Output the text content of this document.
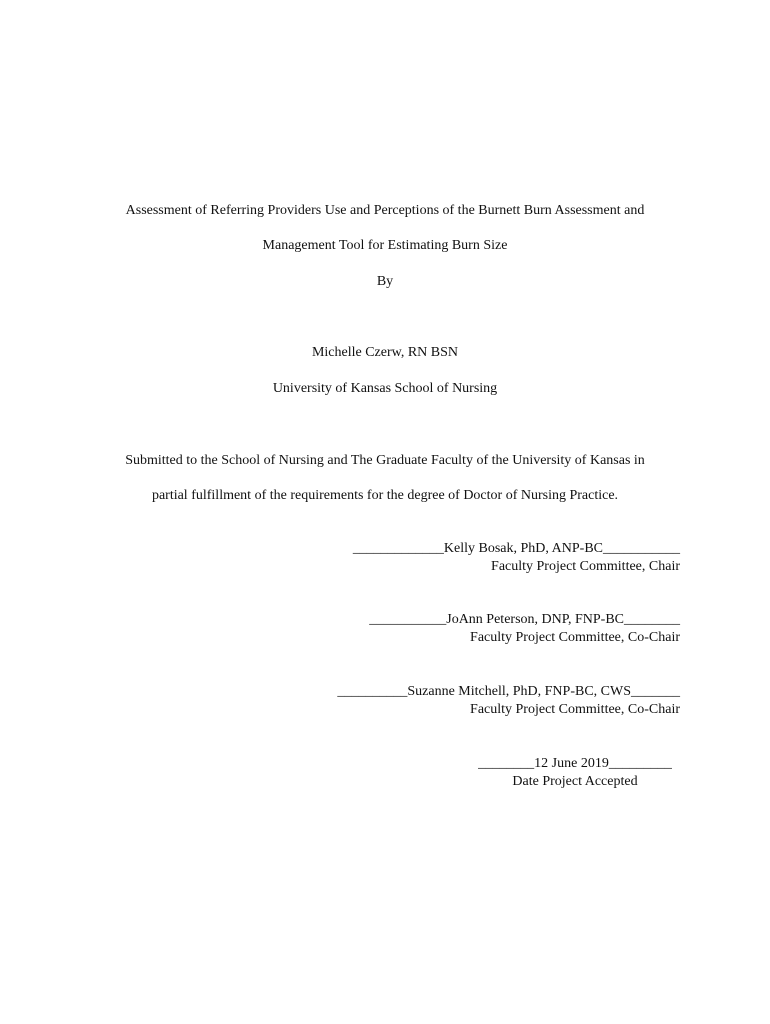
Assessment of Referring Providers Use and Perceptions of the Burnett Burn Assessment and
Management Tool for Estimating Burn Size
By
Michelle Czerw, RN BSN
University of Kansas School of Nursing
Submitted to the School of Nursing and The Graduate Faculty of the University of Kansas in
partial fulfillment of the requirements for the degree of Doctor of Nursing Practice.
_____________Kelly Bosak, PhD, ANP-BC___________
Faculty Project Committee, Chair
___________JoAnn Peterson, DNP, FNP-BC________
Faculty Project Committee, Co-Chair
__________Suzanne Mitchell, PhD, FNP-BC, CWS_______
Faculty Project Committee, Co-Chair
________12 June 2019_________
Date Project Accepted
